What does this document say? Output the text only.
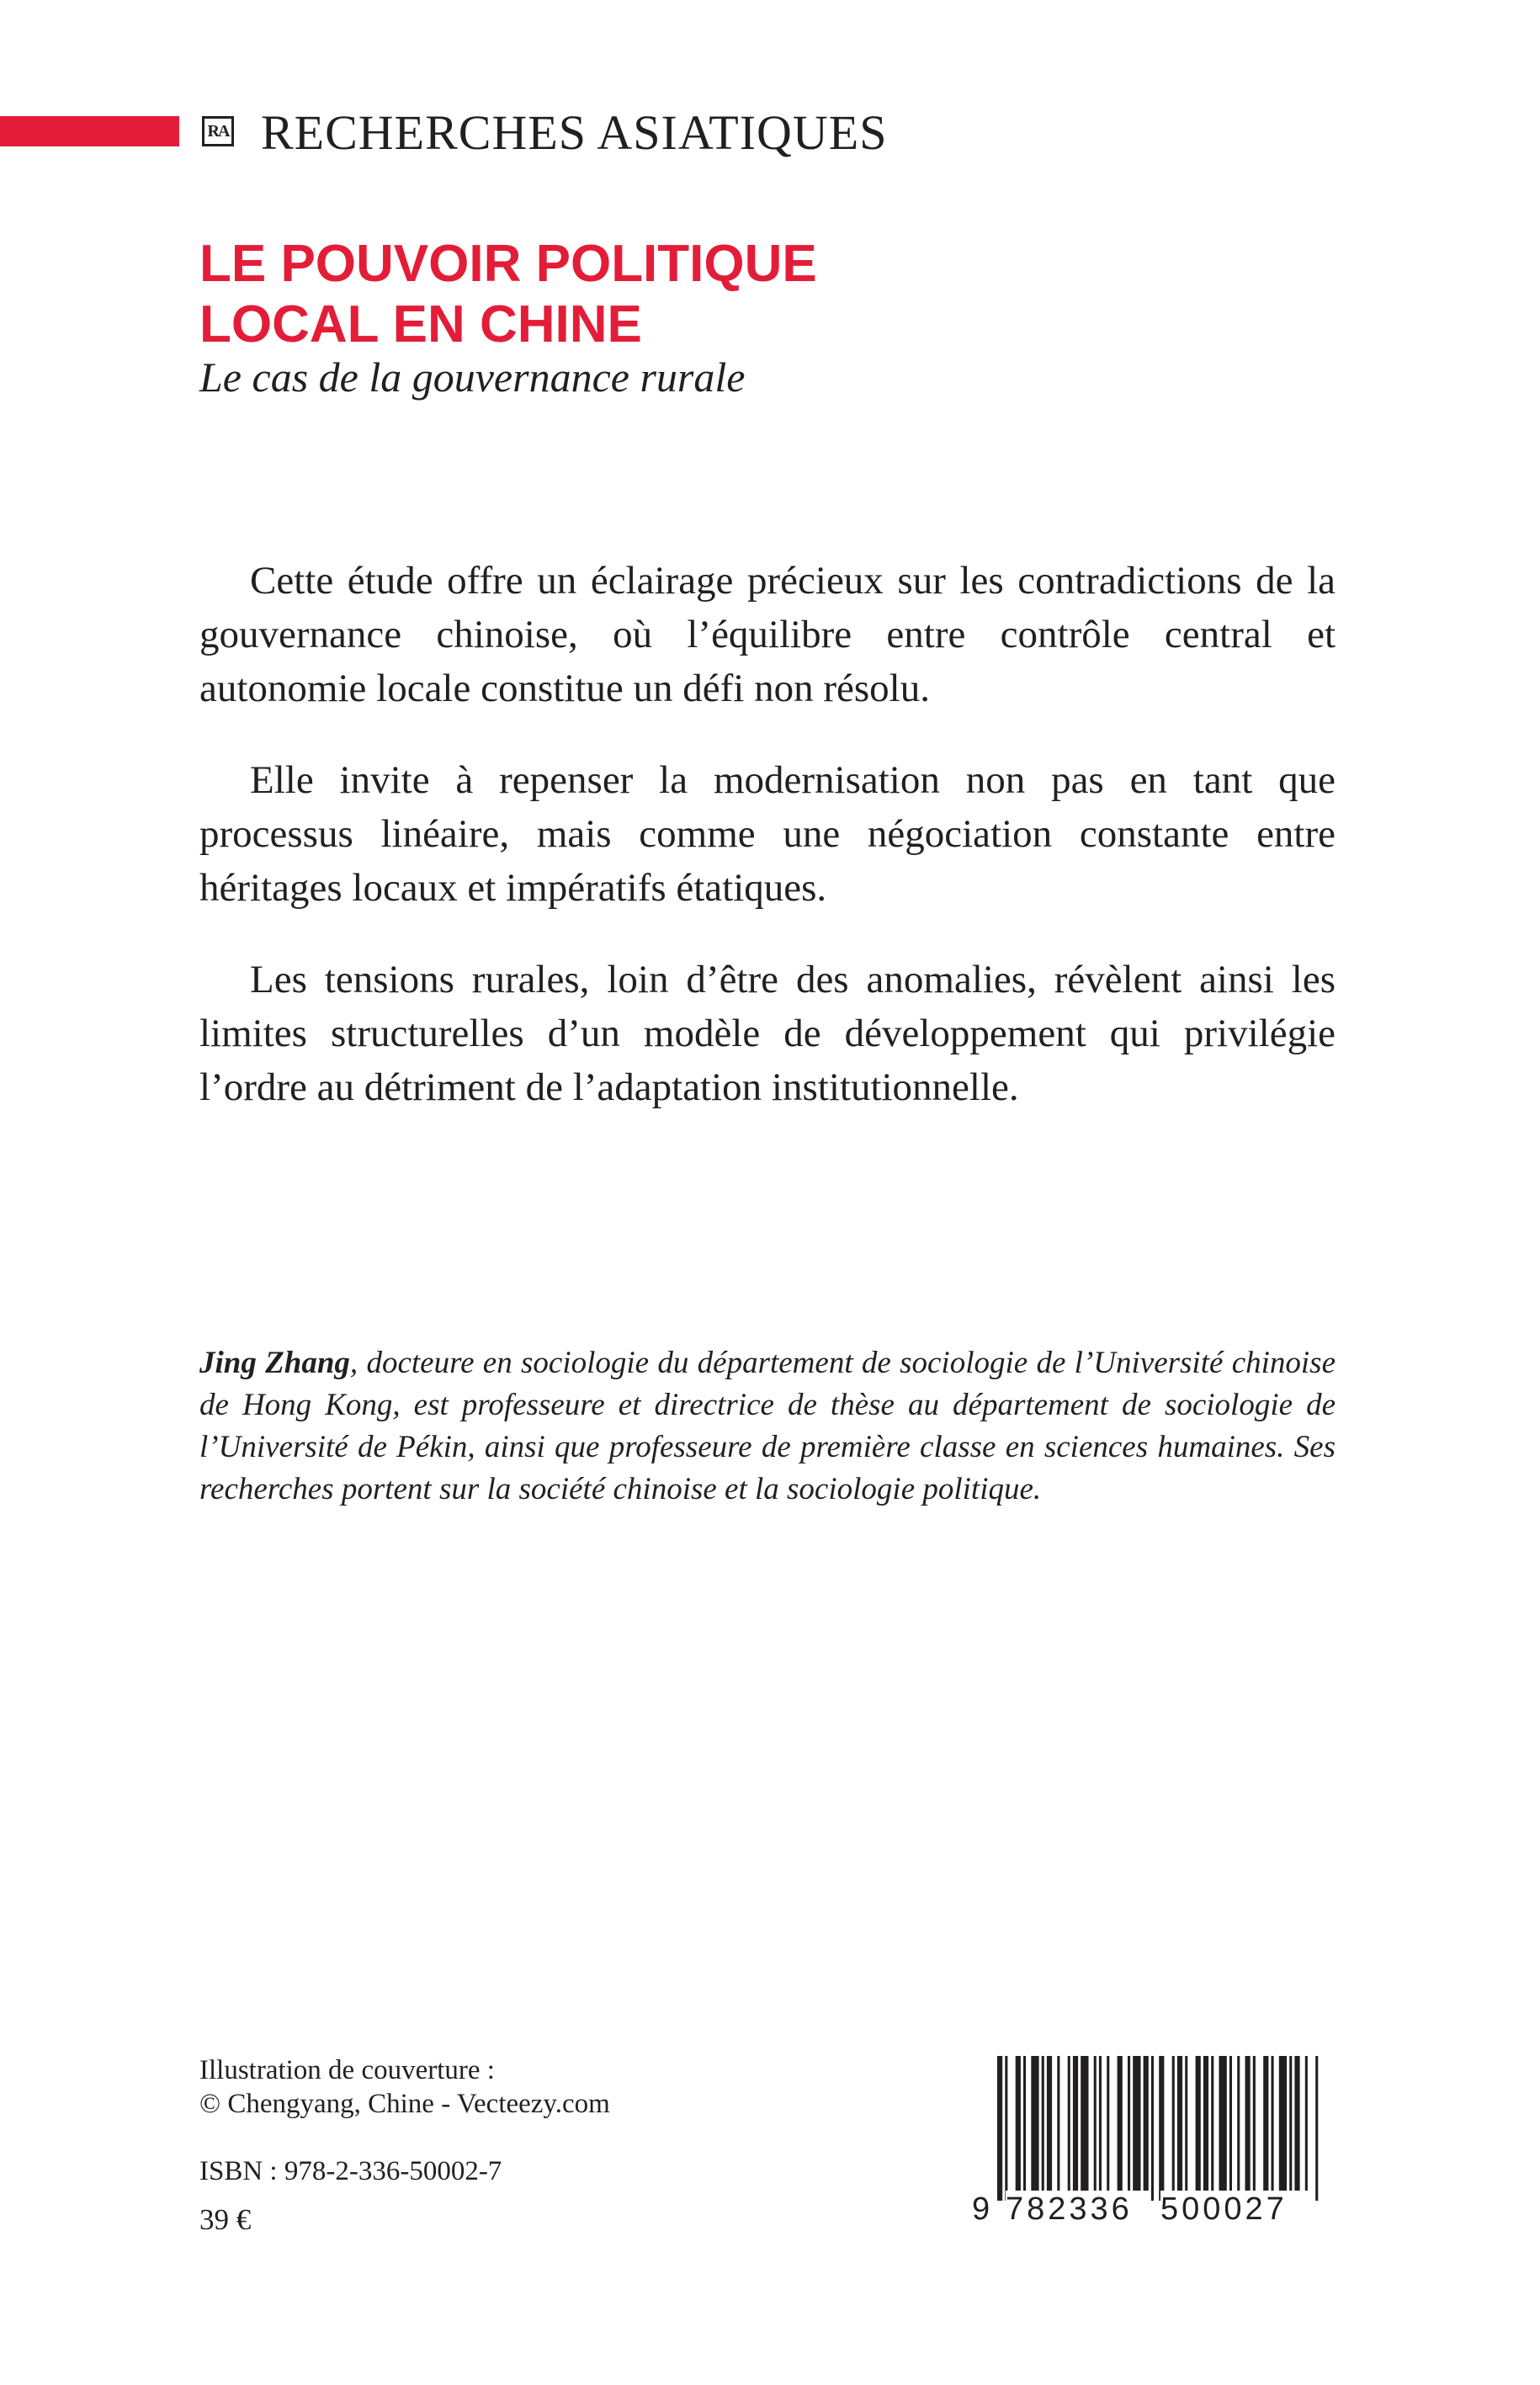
RA RECHERCHES ASIATIQUES
LE POUVOIR POLITIQUE
LOCAL EN CHINE
Le cas de la gouvernance rurale

Cette étude offre un éclairage précieux sur les contradictions de la gouvernance chinoise, où l’équilibre entre contrôle central et autonomie locale constitue un défi non résolu.

Elle invite à repenser la modernisation non pas en tant que processus linéaire, mais comme une négociation constante entre héritages locaux et impératifs étatiques.

Les tensions rurales, loin d’être des anomalies, révèlent ainsi les limites structurelles d’un modèle de développement qui privilégie l’ordre au détriment de l’adaptation institutionnelle.

Jing Zhang, docteure en sociologie du département de sociologie de l’Université chinoise de Hong Kong, est professeure et directrice de thèse au département de sociologie de l’Université de Pékin, ainsi que professeure de première classe en sciences humaines. Ses recherches portent sur la société chinoise et la sociologie politique.

Illustration de couverture :
© Chengyang, Chine - Vecteezy.com
ISBN : 978-2-336-50002-7
39 €	9 782336 500027
